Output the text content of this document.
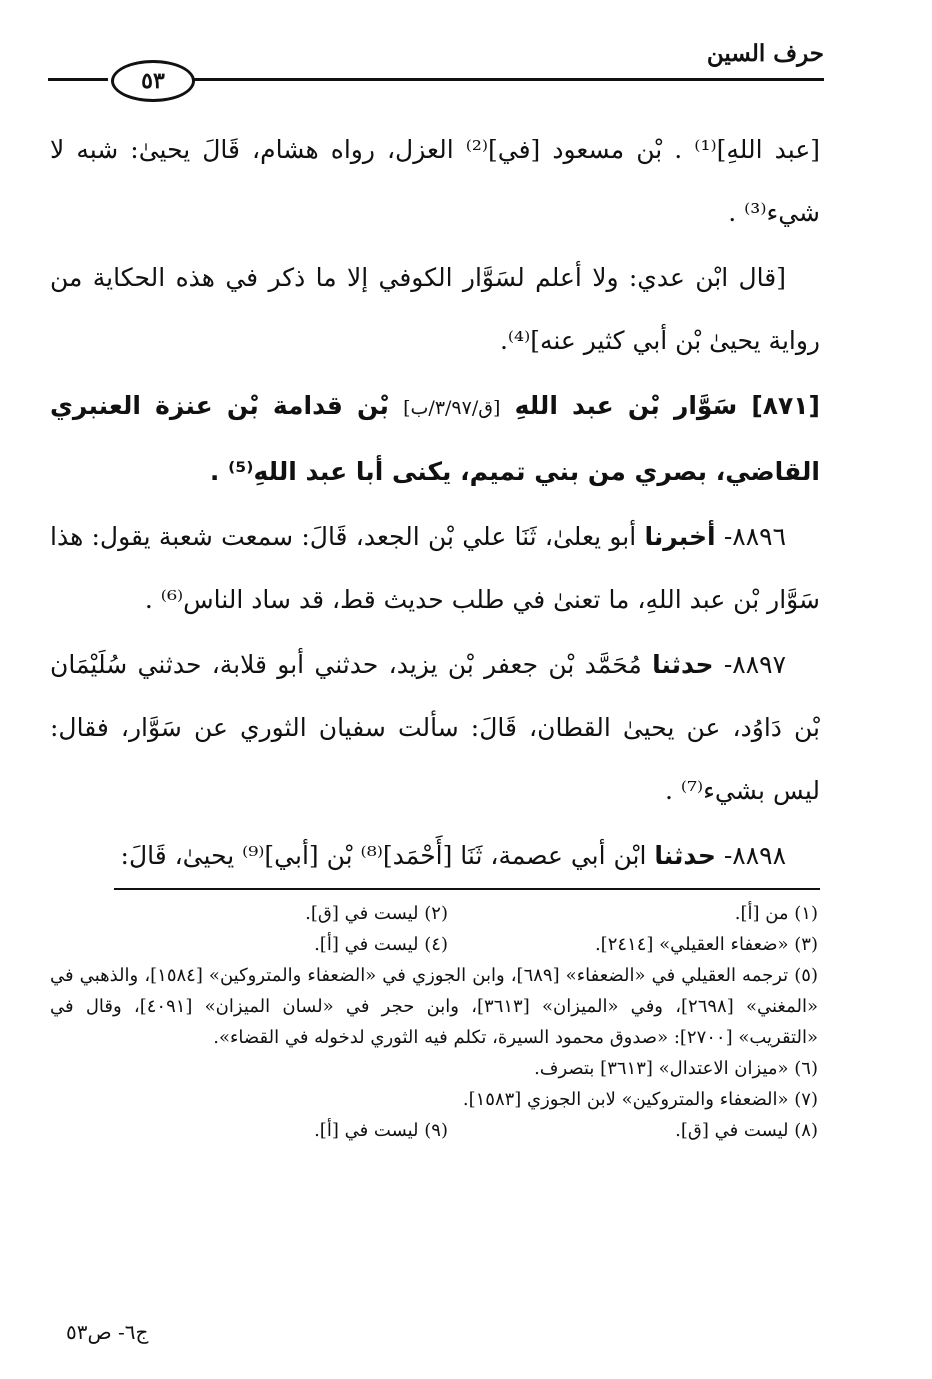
حرف السين
٥٣

[عبد اللهِ]⁽¹⁾ . بْن مسعود [في]⁽²⁾ العزل، رواه هشام، قَالَ يحيىٰ: شبه لا شيء⁽³⁾ .

[قال ابْن عدي: ولا أعلم لسَوَّار الكوفي إلا ما ذكر في هذه الحكاية من رواية يحيىٰ بْن أبي كثير عنه]⁽⁴⁾.

[٨٧١] سَوَّار بْن عبد اللهِ [ق/٣/٩٧/ب] بْن قدامة بْن عنزة العنبري القاضي، بصري من بني تميم، يكنى أبا عبد اللهِ⁽⁵⁾ .

٨٨٩٦- أخبرنا أبو يعلىٰ، ثَنَا علي بْن الجعد، قَالَ: سمعت شعبة يقول: هذا سَوَّار بْن عبد اللهِ، ما تعنىٰ في طلب حديث قط، قد ساد الناس⁽⁶⁾ .

٨٨٩٧- حدثنا مُحَمَّد بْن جعفر بْن يزيد، حدثني أبو قلابة، حدثني سُلَيْمَان بْن دَاوُد، عن يحيىٰ القطان، قَالَ: سألت سفيان الثوري عن سَوَّار، فقال: ليس بشيء⁽⁷⁾ .

٨٨٩٨- حدثنا ابْن أبي عصمة، ثَنَا [أَحْمَد]⁽⁸⁾ بْن [أبي]⁽⁹⁾ يحيىٰ، قَالَ:

(١) من [أ].
(٢) ليست في [ق].
(٣) «ضعفاء العقيلي» [٢٤١٤].
(٤) ليست في [أ].
(٥) ترجمه العقيلي في «الضعفاء» [٦٨٩]، وابن الجوزي في «الضعفاء والمتروكين» [١٥٨٤]، والذهبي في «المغني» [٢٦٩٨]، وفي «الميزان» [٣٦١٣]، وابن حجر في «لسان الميزان» [٤٠٩١]، وقال في «التقريب» [٢٧٠٠]: «صدوق محمود السيرة، تكلم فيه الثوري لدخوله في القضاء».
(٦) «ميزان الاعتدال» [٣٦١٣] بتصرف.
(٧) «الضعفاء والمتروكين» لابن الجوزي [١٥٨٣].
(٨) ليست في [ق].
(٩) ليست في [أ].
ج٦- ص٥٣
